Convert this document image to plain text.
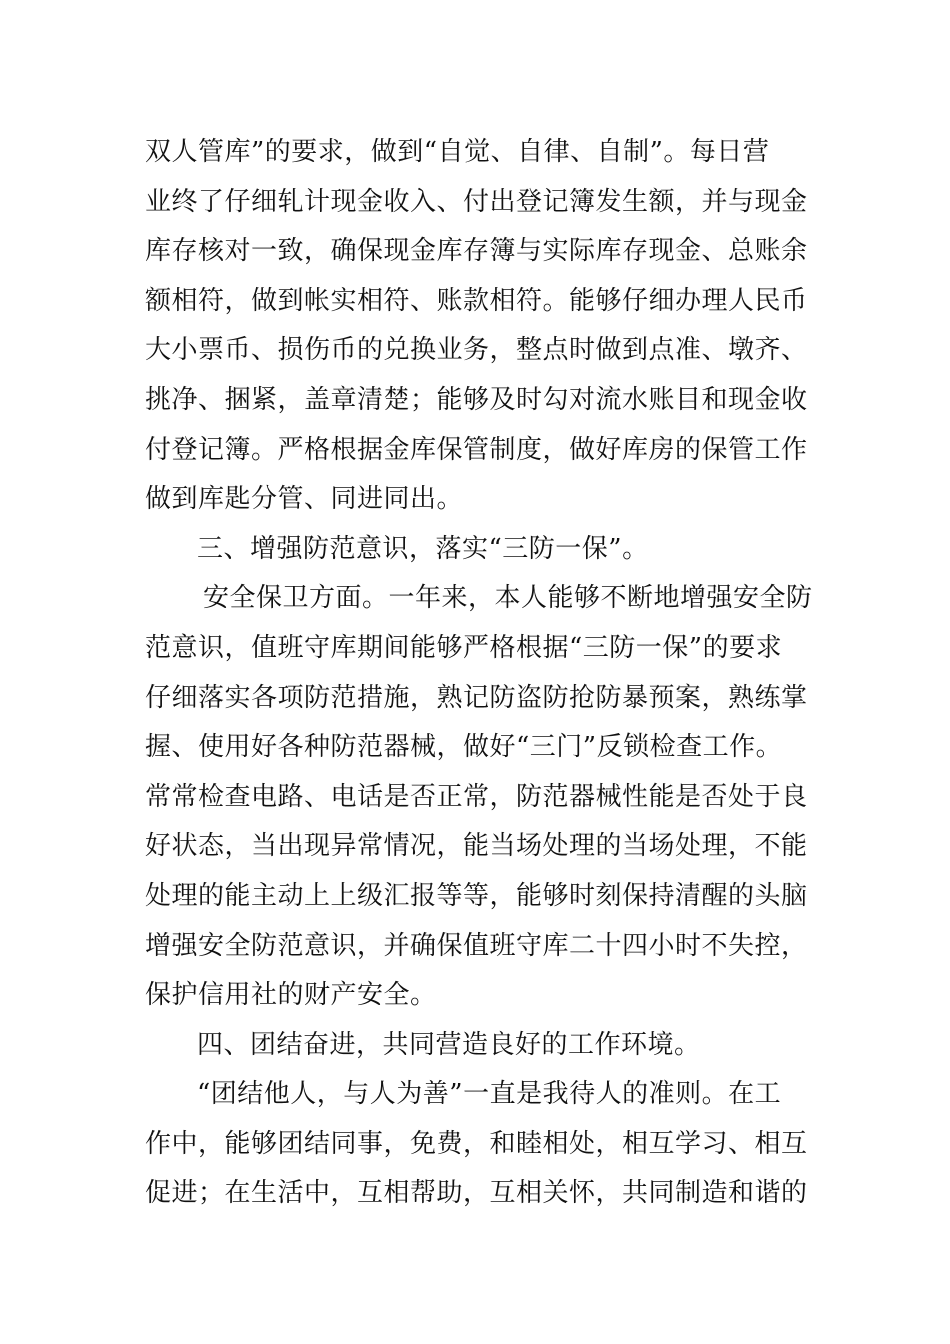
双人管库”的要求，做到“自觉、自律、自制”。每日营
业终了仔细轧计现金收入、付出登记簿发生额，并与现金
库存核对一致，确保现金库存簿与实际库存现金、总账余
额相符，做到帐实相符、账款相符。能够仔细办理人民币
大小票币、损伤币的兑换业务，整点时做到点准、墩齐、
挑净、捆紧，盖章清楚；能够及时勾对流水账目和现金收
付登记簿。严格根据金库保管制度，做好库房的保管工作
做到库匙分管、同进同出。
三、增强防范意识，落实“三防一保”。
安全保卫方面。一年来，本人能够不断地增强安全防
范意识，值班守库期间能够严格根据“三防一保”的要求
仔细落实各项防范措施，熟记防盗防抢防暴预案，熟练掌
握、使用好各种防范器械，做好“三门”反锁检查工作。
常常检查电路、电话是否正常，防范器械性能是否处于良
好状态，当出现异常情况，能当场处理的当场处理，不能
处理的能主动上上级汇报等等，能够时刻保持清醒的头脑
增强安全防范意识，并确保值班守库二十四小时不失控，
保护信用社的财产安全。
四、团结奋进，共同营造良好的工作环境。
“团结他人，与人为善”一直是我待人的准则。在工
作中，能够团结同事，免费，和睦相处，相互学习、相互
促进；在生活中，互相帮助，互相关怀，共同制造和谐的
